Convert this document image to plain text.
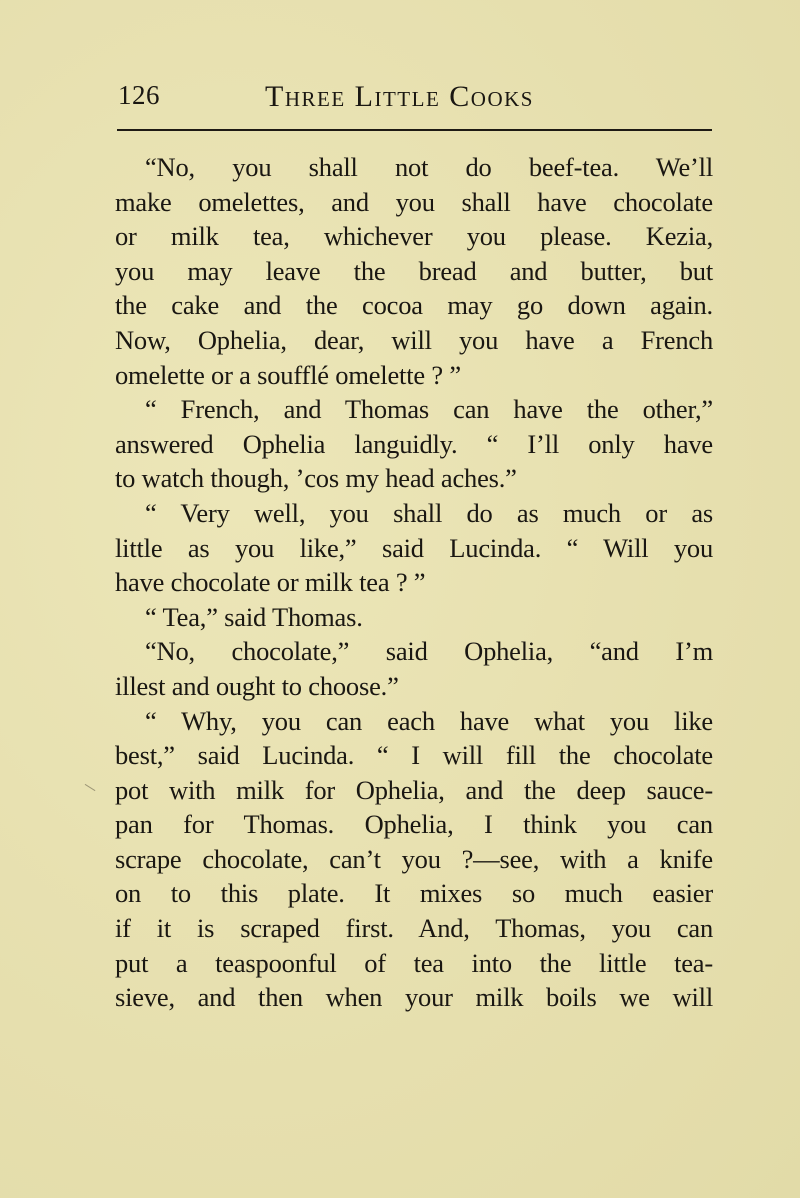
126	Three Little Cooks
“No, you shall not do beef-tea. We’ll
make omelettes, and you shall have chocolate
or milk tea, whichever you please. Kezia,
you may leave the bread and butter, but
the cake and the cocoa may go down again.
Now, Ophelia, dear, will you have a French
omelette or a soufflé omelette ? ”
“ French, and Thomas can have the other,”
answered Ophelia languidly. “ I’ll only have
to watch though, ’cos my head aches.”
“ Very well, you shall do as much or as
little as you like,” said Lucinda. “ Will you
have chocolate or milk tea ? ”
“ Tea,” said Thomas.
“No, chocolate,” said Ophelia, “and I’m
illest and ought to choose.”
“ Why, you can each have what you like
best,” said Lucinda. “ I will fill the chocolate
pot with milk for Ophelia, and the deep sauce-
pan for Thomas. Ophelia, I think you can
scrape chocolate, can’t you ?—see, with a knife
on to this plate. It mixes so much easier
if it is scraped first. And, Thomas, you can
put a teaspoonful of tea into the little tea-
sieve, and then when your milk boils we will
